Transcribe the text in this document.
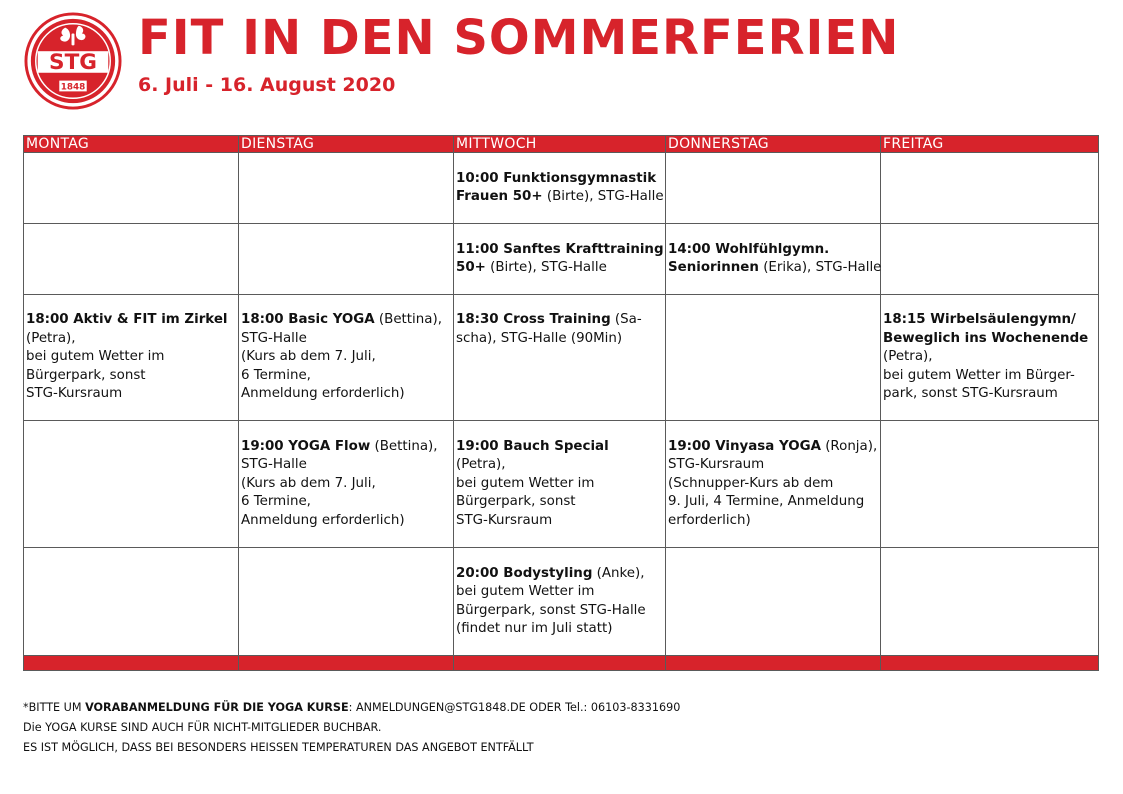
STG
1848
FIT IN DEN SOMMERFERIEN
6. Juli - 16. August 2020
MONTAG	DIENSTAG	MITTWOCH	DONNERSTAG	FREITAG

		10:00 Funktionsgymnastik
Frauen 50+ (Birte), STG-Halle		

		11:00 Sanftes Krafttraining
50+ (Birte), STG-Halle	14:00 Wohlfühlgymn.
Seniorinnen (Erika), STG-Halle	

18:00 Aktiv & FIT im Zirkel
(Petra),
bei gutem Wetter im
Bürgerpark, sonst
STG-Kursraum	18:00 Basic YOGA (Bettina),
STG-Halle
(Kurs ab dem 7. Juli,
6 Termine,
Anmeldung erforderlich)	18:30 Cross Training (Sa-
scha), STG-Halle (90Min)		18:15 Wirbelsäulengymn/
Beweglich ins Wochenende
(Petra),
bei gutem Wetter im Bürger-
park, sonst STG-Kursraum

	19:00 YOGA Flow (Bettina),
STG-Halle
(Kurs ab dem 7. Juli,
6 Termine,
Anmeldung erforderlich)	19:00 Bauch Special
(Petra),
bei gutem Wetter im
Bürgerpark, sonst
STG-Kursraum	19:00 Vinyasa YOGA (Ronja),
STG-Kursraum
(Schnupper-Kurs ab dem
9. Juli, 4 Termine, Anmeldung
erforderlich)	

		20:00 Bodystyling (Anke),
bei gutem Wetter im
Bürgerpark, sonst STG-Halle
(findet nur im Juli statt)		

*BITTE UM VORABANMELDUNG FÜR DIE YOGA KURSE: ANMELDUNGEN@STG1848.DE ODER Tel.: 06103-8331690
Die YOGA KURSE SIND AUCH FÜR NICHT-MITGLIEDER BUCHBAR.
ES IST MÖGLICH, DASS BEI BESONDERS HEISSEN TEMPERATUREN DAS ANGEBOT ENTFÄLLT
